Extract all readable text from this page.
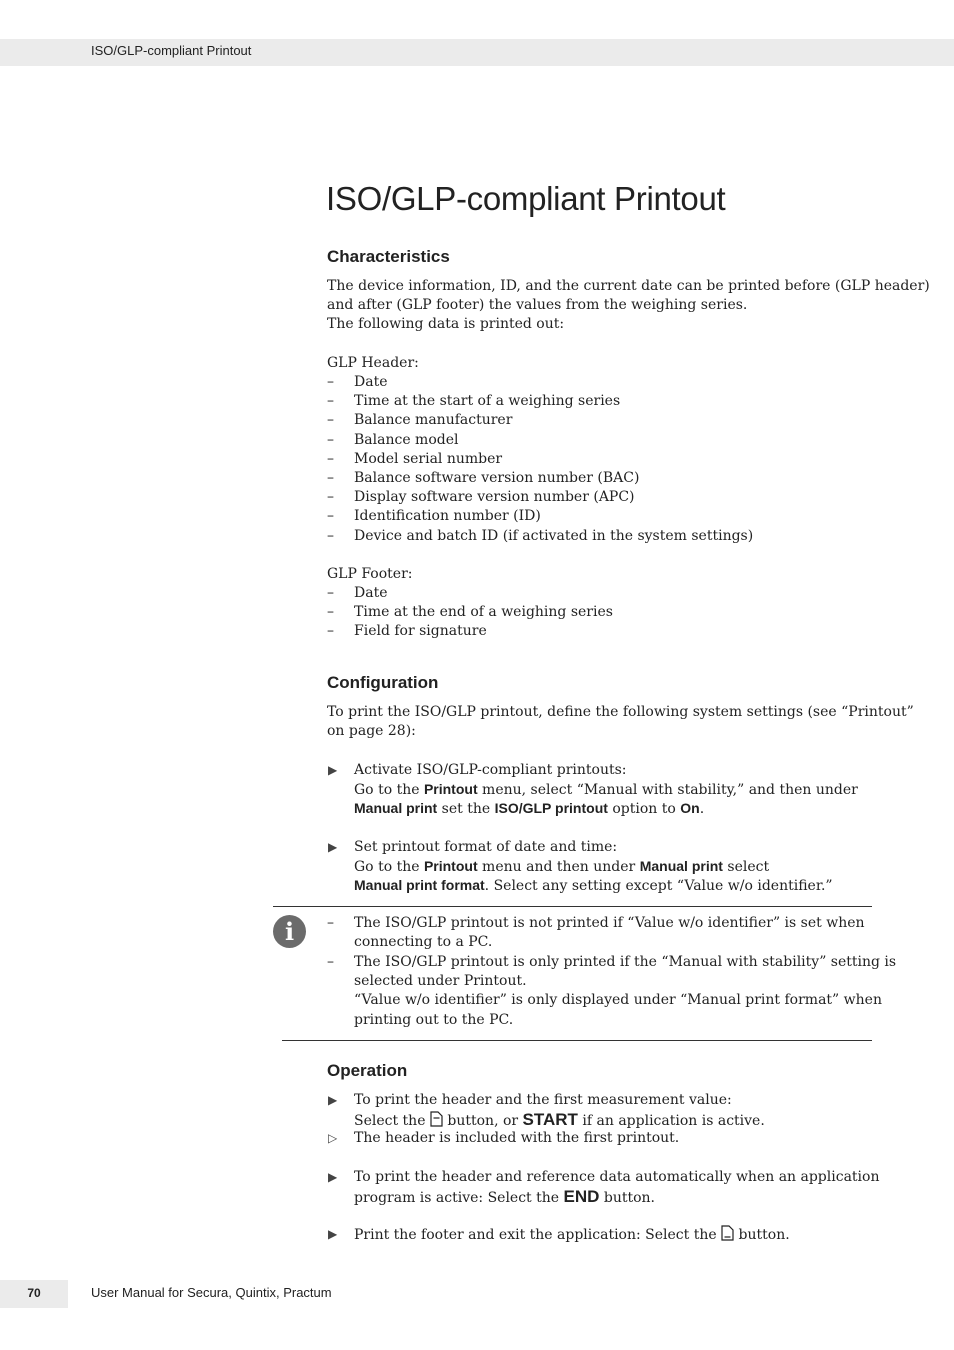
ISO/GLP-compliant Printout
ISO/GLP-compliant Printout
Characteristics
The device information, ID, and the current date can be printed before (GLP header)
and after (GLP footer) the values from the weighing series.
The following data is printed out:
GLP Header:
– Date
– Time at the start of a weighing series
– Balance manufacturer
– Balance model
– Model serial number
– Balance software version number (BAC)
– Display software version number (APC)
– Identification number (ID)
– Device and batch ID (if activated in the system settings)
GLP Footer:
– Date
– Time at the end of a weighing series
– Field for signature
Configuration
To print the ISO/GLP printout, define the following system settings (see “Printout”
on page 28):
▶ Activate ISO/GLP-compliant printouts:
Go to the Printout menu, select “Manual with stability,” and then under
Manual print set the ISO/GLP printout option to On.
▶ Set printout format of date and time:
Go to the Printout menu and then under Manual print select
Manual print format. Select any setting except “Value w/o identifier.”
i	– The ISO/GLP printout is not printed if “Value w/o identifier” is set when
connecting to a PC.
– The ISO/GLP printout is only printed if the “Manual with stability” setting is
selected under Printout.
“Value w/o identifier” is only displayed under “Manual print format” when
printing out to the PC.
Operation
▶ To print the header and the first measurement value:
Select the  button, or START if an application is active.
▷ The header is included with the first printout.
▶ To print the header and reference data automatically when an application
program is active: Select the END button.
▶ Print the footer and exit the application: Select the  button.
70	User Manual for Secura, Quintix, Practum
